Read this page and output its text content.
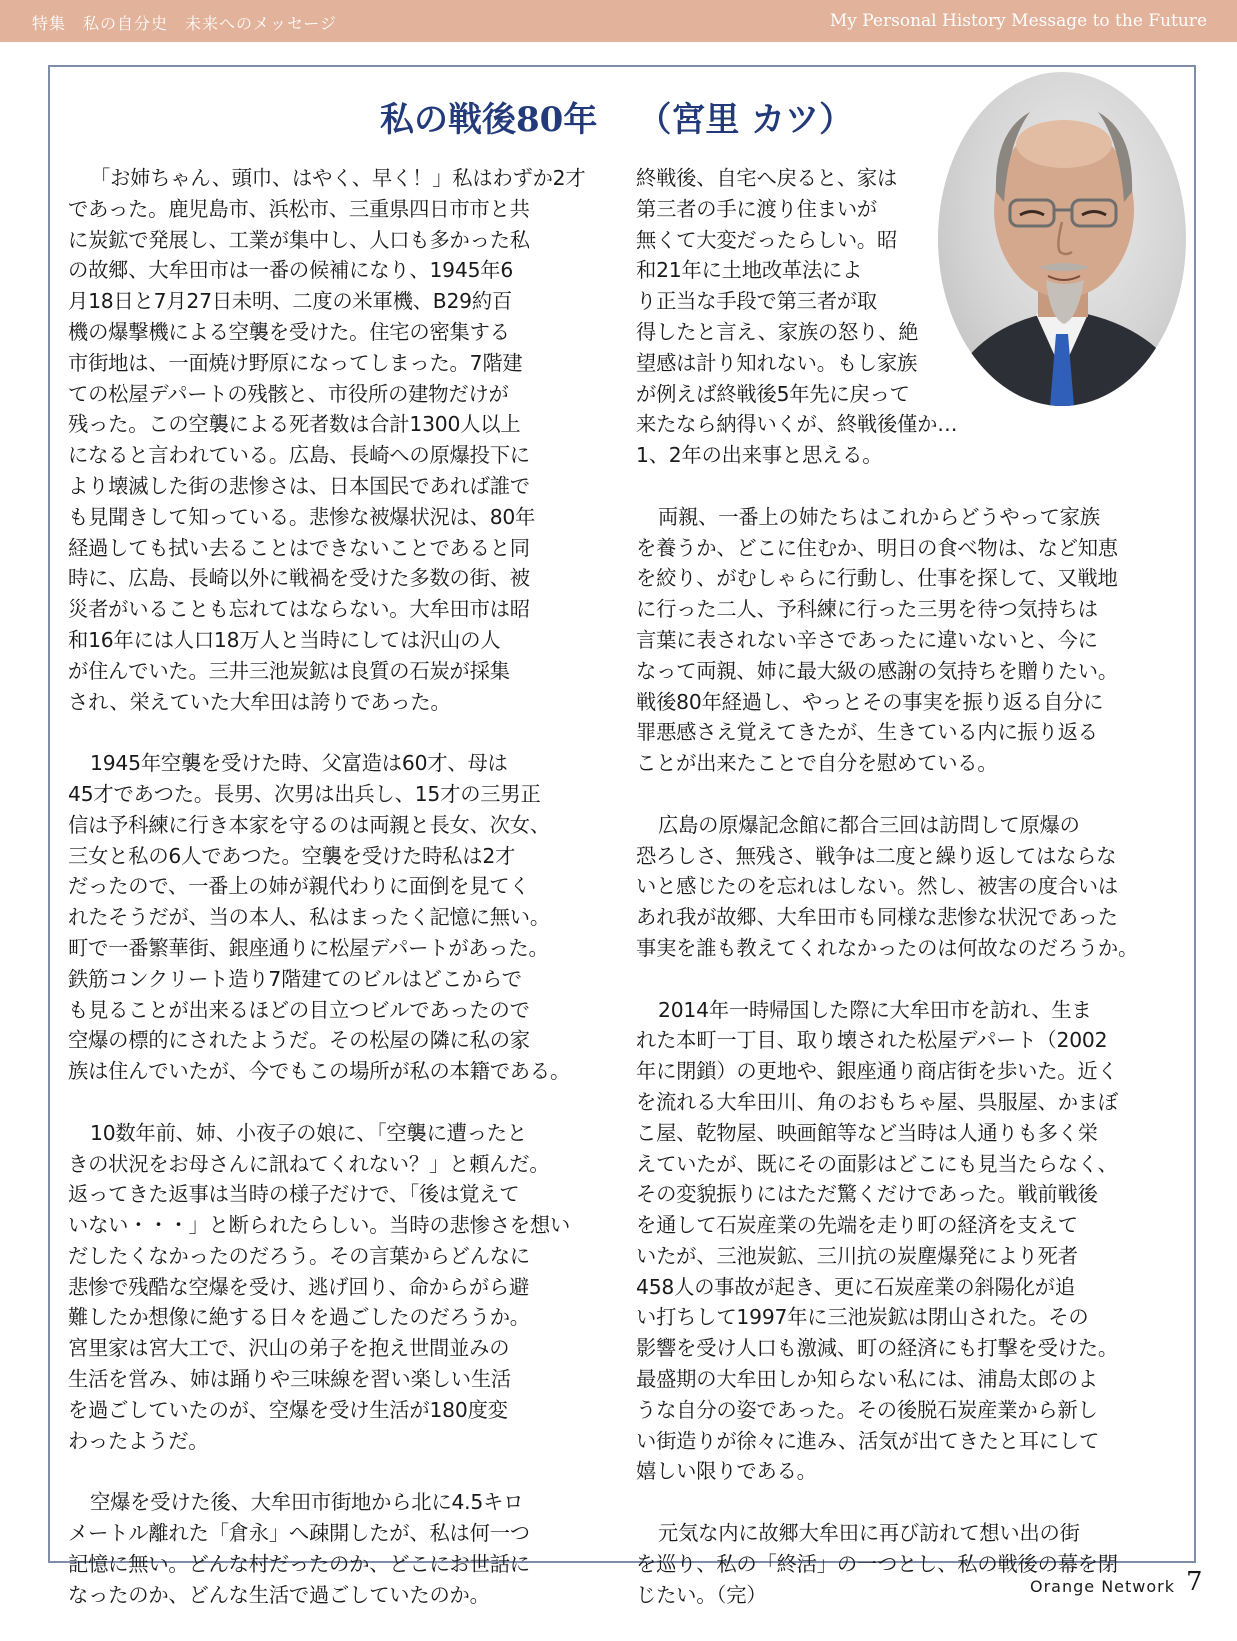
特集　私の自分史　未来へのメッセージ	My Personal History Message to the Future
私の戦後80年 （宮里 カツ）
「お姉ちゃん、頭巾、はやく、早く！」私はわずか2才
であった。鹿児島市、浜松市、三重県四日市市と共
に炭鉱で発展し、工業が集中し、人口も多かった私
の故郷、大牟田市は一番の候補になり、1945年6
月18日と7月27日未明、二度の米軍機、B29約百
機の爆撃機による空襲を受けた。住宅の密集する
市街地は、一面焼け野原になってしまった。7階建
ての松屋デパートの残骸と、市役所の建物だけが
残った。この空襲による死者数は合計1300人以上
になると言われている。広島、長崎への原爆投下に
より壊滅した街の悲惨さは、日本国民であれば誰で
も見聞きして知っている。悲惨な被爆状況は、80年
経過しても拭い去ることはできないことであると同
時に、広島、長崎以外に戦禍を受けた多数の街、被
災者がいることも忘れてはならない。大牟田市は昭
和16年には人口18万人と当時にしては沢山の人
が住んでいた。三井三池炭鉱は良質の石炭が採集
され、栄えていた大牟田は誇りであった。
1945年空襲を受けた時、父富造は60才、母は
45才であつた。長男、次男は出兵し、15才の三男正
信は予科練に行き本家を守るのは両親と長女、次女、
三女と私の6人であつた。空襲を受けた時私は2才
だったので、一番上の姉が親代わりに面倒を見てく
れたそうだが、当の本人、私はまったく記憶に無い。
町で一番繁華街、銀座通りに松屋デパートがあった。
鉄筋コンクリート造り7階建てのビルはどこからで
も見ることが出来るほどの目立つビルであったので
空爆の標的にされたようだ。その松屋の隣に私の家
族は住んでいたが、今でもこの場所が私の本籍である。
10数年前、姉、小夜子の娘に、「空襲に遭ったと
きの状況をお母さんに訊ねてくれない？」と頼んだ。
返ってきた返事は当時の様子だけで、「後は覚えて
いない・・・」と断られたらしい。当時の悲惨さを想い
だしたくなかったのだろう。その言葉からどんなに
悲惨で残酷な空爆を受け、逃げ回り、命からがら避
難したか想像に絶する日々を過ごしたのだろうか。
宮里家は宮大工で、沢山の弟子を抱え世間並みの
生活を営み、姉は踊りや三味線を習い楽しい生活
を過ごしていたのが、空爆を受け生活が180度変
わったようだ。
空爆を受けた後、大牟田市街地から北に4.5キロ
メートル離れた「倉永」へ疎開したが、私は何一つ
記憶に無い。どんな村だったのか、どこにお世話に
なったのか、どんな生活で過ごしていたのか。
終戦後、自宅へ戻ると、家は
第三者の手に渡り住まいが
無くて大変だったらしい。昭
和21年に土地改革法によ
り正当な手段で第三者が取
得したと言え、家族の怒り、絶
望感は計り知れない。もし家族
が例えば終戦後5年先に戻って
来たなら納得いくが、終戦後僅か…
1、2年の出来事と思える。
両親、一番上の姉たちはこれからどうやって家族
を養うか、どこに住むか、明日の食べ物は、など知恵
を絞り、がむしゃらに行動し、仕事を探して、又戦地
に行った二人、予科練に行った三男を待つ気持ちは
言葉に表されない辛さであったに違いないと、今に
なって両親、姉に最大級の感謝の気持ちを贈りたい。
戦後80年経過し、やっとその事実を振り返る自分に
罪悪感さえ覚えてきたが、生きている内に振り返る
ことが出来たことで自分を慰めている。
広島の原爆記念館に都合三回は訪問して原爆の
恐ろしさ、無残さ、戦争は二度と繰り返してはならな
いと感じたのを忘れはしない。然し、被害の度合いは
あれ我が故郷、大牟田市も同様な悲惨な状況であった
事実を誰も教えてくれなかったのは何故なのだろうか。
2014年一時帰国した際に大牟田市を訪れ、生ま
れた本町一丁目、取り壊された松屋デパート（2002
年に閉鎖）の更地や、銀座通り商店街を歩いた。近く
を流れる大牟田川、角のおもちゃ屋、呉服屋、かまぼ
こ屋、乾物屋、映画館等など当時は人通りも多く栄
えていたが、既にその面影はどこにも見当たらなく、
その変貌振りにはただ驚くだけであった。戦前戦後
を通して石炭産業の先端を走り町の経済を支えて
いたが、三池炭鉱、三川抗の炭塵爆発により死者
458人の事故が起き、更に石炭産業の斜陽化が追
い打ちして1997年に三池炭鉱は閉山された。その
影響を受け人口も激減、町の経済にも打撃を受けた。
最盛期の大牟田しか知らない私には、浦島太郎のよ
うな自分の姿であった。その後脱石炭産業から新し
い街造りが徐々に進み、活気が出てきたと耳にして
嬉しい限りである。
元気な内に故郷大牟田に再び訪れて想い出の街
を巡り、私の「終活」の一つとし、私の戦後の幕を閉
じたい。（完）	Orange Network 7
